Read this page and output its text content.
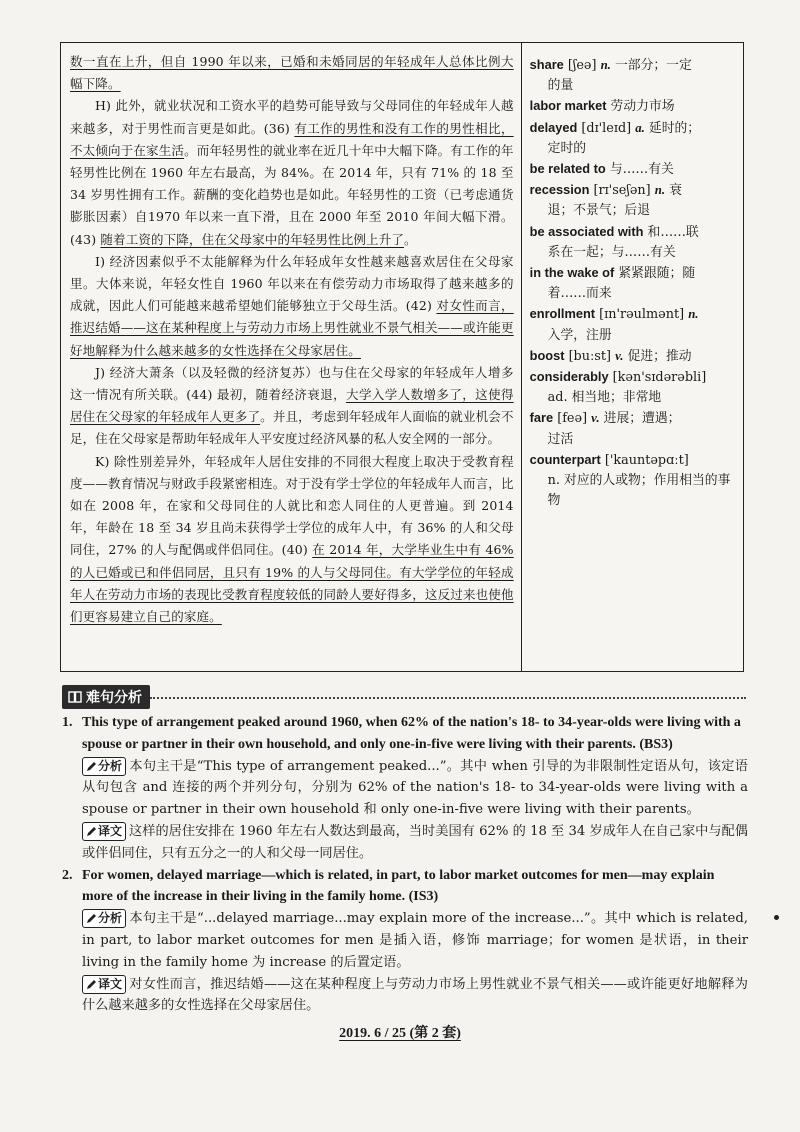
数一直在上升，但自 1990 年以来，已婚和未婚同居的年轻成年人总体比例大幅下降。

H) 此外，就业状况和工资水平的趋势可能导致与父母同住的年轻成年人越来越多，对于男性而言更是如此。(36) 有工作的男性和没有工作的男性相比，不太倾向于在家生活。而年轻男性的就业率在近几十年中大幅下降。有工作的年轻男性比例在 1960 年左右最高，为 84%。在 2014 年，只有 71% 的 18 至 34 岁男性拥有工作。薪酬的变化趋势也是如此。年轻男性的工资（已考虑通货膨胀因素）自1970 年以来一直下滑，且在 2000 年至 2010 年间大幅下滑。(43) 随着工资的下降，住在父母家中的年轻男性比例上升了。

I) 经济因素似乎不太能解释为什么年轻成年女性越来越喜欢居住在父母家里。大体来说，年轻女性自 1960 年以来在有偿劳动力市场取得了越来越多的成就，因此人们可能越来越希望她们能够独立于父母生活。(42) 对女性而言，推迟结婚——这在某种程度上与劳动力市场上男性就业不景气相关——或许能更好地解释为什么越来越多的女性选择在父母家居住。

J) 经济大萧条（以及轻微的经济复苏）也与住在父母家的年轻成年人增多这一情况有所关联。(44) 最初，随着经济衰退，大学入学人数增多了，这使得居住在父母家的年轻成年人更多了。并且，考虑到年轻成年人面临的就业机会不足，住在父母家是帮助年轻成年人平安度过经济风暴的私人安全网的一部分。

K) 除性别差异外，年轻成年人居住安排的不同很大程度上取决于受教育程度——教育情况与财政手段紧密相连。对于没有学士学位的年轻成年人而言，比如在 2008 年，在家和父母同住的人就比和恋人同住的人更普遍。到 2014 年，年龄在 18 至 34 岁且尚未获得学士学位的成年人中，有 36% 的人和父母同住，27% 的人与配偶或伴侣同住。(40) 在 2014 年，大学毕业生中有 46% 的人已婚或已和伴侣同居，且只有 19% 的人与父母同住。有大学学位的年轻成年人在劳动力市场的表现比受教育程度较低的同龄人要好得多，这反过来也使他们更容易建立自己的家庭。

share [ʃeə] n. 一部分；一定
的量
labor market 劳动力市场
delayed [dɪ'leɪd] a. 延时的；
定时的
be related to 与……有关
recession [rɪ'seʃən] n. 衰
退；不景气；后退
be associated with 和……联
系在一起；与……有关
in the wake of 紧紧跟随；随
着……而来
enrollment [ɪn'rəulmənt] n.
入学，注册
boost [buːst] v. 促进；推动
considerably [kən'sɪdərəbli]
ad. 相当地；非常地
fare [feə] v. 进展；遭遇；
过活
counterpart ['kauntəpɑːt]
n. 对应的人或物；作用相当的事物
难句分析
1. This type of arrangement peaked around 1960, when 62% of the nation's 18- to 34-year-olds were living with a spouse or partner in their own household, and only one-in-five were living with their parents. (BS3)
分析 本句主干是“This type of arrangement peaked...”。其中 when 引导的为非限制性定语从句，该定语从句包含 and 连接的两个并列分句，分别为 62% of the nation's 18- to 34-year-olds were living with a spouse or partner in their own household 和 only one-in-five were living with their parents。
译文 这样的居住安排在 1960 年左右人数达到最高，当时美国有 62% 的 18 至 34 岁成年人在自己家中与配偶或伴侣同住，只有五分之一的人和父母一同居住。
2. For women, delayed marriage—which is related, in part, to labor market outcomes for men—may explain more of the increase in their living in the family home. (IS3)
分析 本句主干是“...delayed marriage...may explain more of the increase...”。其中 which is related, in part, to labor market outcomes for men 是插入语，修饰 marriage；for women 是状语，in their living in the family home 为 increase 的后置定语。
译文 对女性而言，推迟结婚——这在某种程度上与劳动力市场上男性就业不景气相关——或许能更好地解释为什么越来越多的女性选择在父母家居住。
2019. 6 / 25 (第 2 套)
